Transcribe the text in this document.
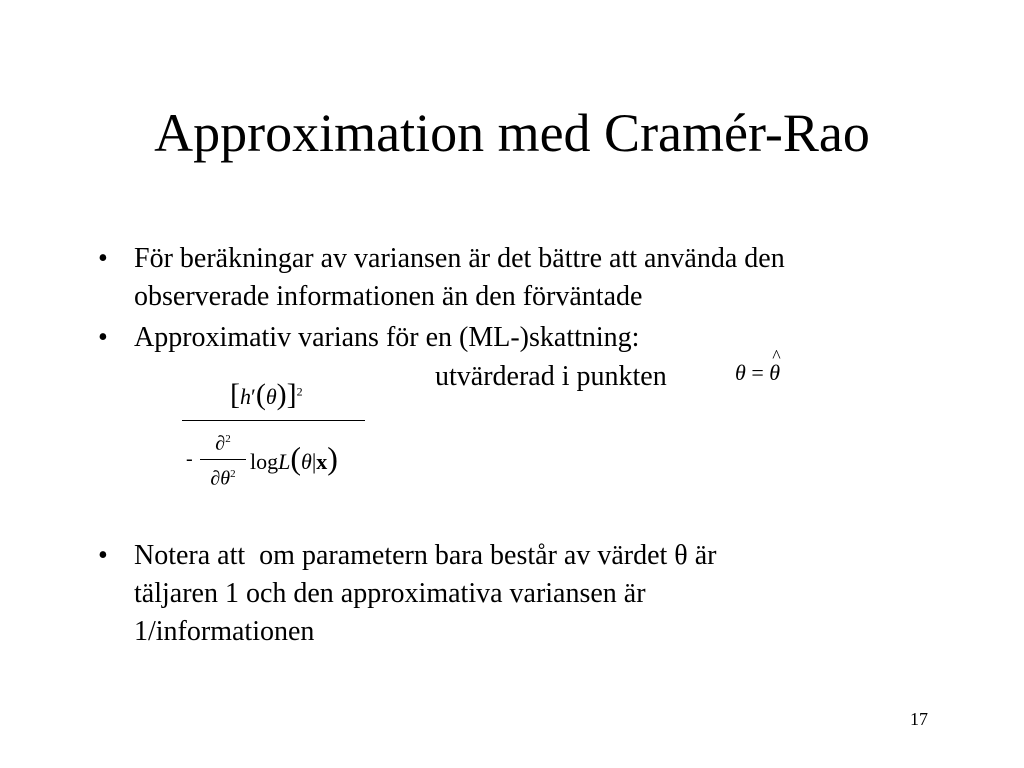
Approximation med Cramér-Rao
• För beräkningar av variansen är det bättre att använda den
observerade informationen än den förväntade
• Approximativ varians för en (ML-)skattning:
utvärderad i punkten	θ = ^ θ
$[h'(\theta)]^2$
-
∂$^2$
$\partial\theta^2$ logL(θ|x)
• Notera att  om parametern bara består av värdet θ är
täljaren 1 och den approximativa variansen är
1/informationen
17
